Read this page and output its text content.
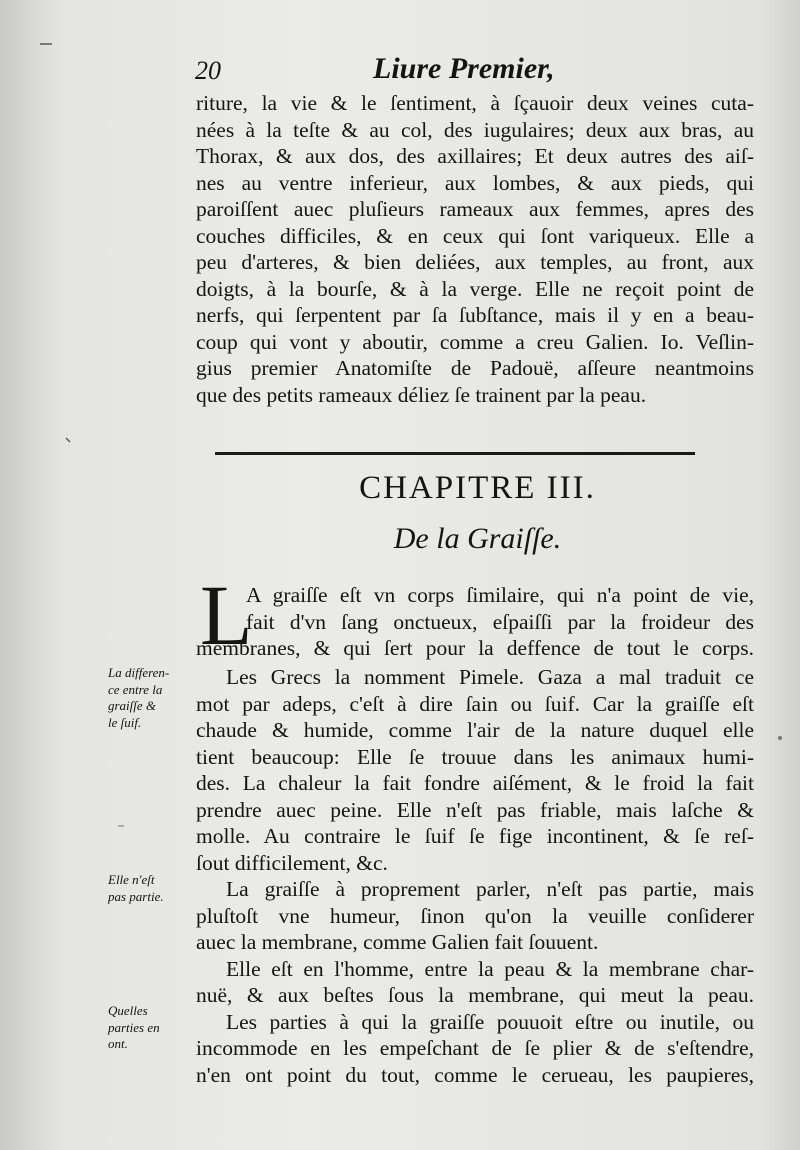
20	Liure Premier,
riture, la vie & le ſentiment, à ſçauoir deux veines cuta-
nées à la teſte & au col, des iugulaires; deux aux bras, au
Thorax, & aux dos, des axillaires; Et deux autres des aiſ-
nes au ventre inferieur, aux lombes, & aux pieds, qui
paroiſſent auec pluſieurs rameaux aux femmes, apres des
couches difficiles, & en ceux qui ſont variqueux. Elle a
peu d'arteres, & bien deliées, aux temples, au front, aux
doigts, à la bourſe, & à la verge. Elle ne reçoit point de
nerfs, qui ſerpentent par ſa ſubſtance, mais il y en a beau-
coup qui vont y aboutir, comme a creu Galien. Io. Veſlin-
gius premier Anatomiſte de Padouë, aſſeure neantmoins
que des petits rameaux déliez ſe trainent par la peau.
CHAPITRE III.
De la Graiſſe.
L
A graiſſe eſt vn corps ſimilaire, qui n'a point de vie,
fait d'vn ſang onctueux, eſpaiſſi par la froideur des
membranes, & qui ſert pour la deffence de tout le corps.
Les Grecs la nomment Pimele. Gaza a mal traduit ce
mot par adeps, c'eſt à dire ſain ou ſuif. Car la graiſſe eſt
chaude & humide, comme l'air de la nature duquel elle
tient beaucoup: Elle ſe trouue dans les animaux humi-
des. La chaleur la fait fondre aiſément, & le froid la fait
prendre auec peine. Elle n'eſt pas friable, mais laſche &
molle. Au contraire le ſuif ſe fige incontinent, & ſe reſ-
ſout difficilement, &c.
La graiſſe à proprement parler, n'eſt pas partie, mais
pluſtoſt vne humeur, ſinon qu'on la veuille conſiderer
auec la membrane, comme Galien fait ſouuent.
Elle eſt en l'homme, entre la peau & la membrane char-
nuë, & aux beſtes ſous la membrane, qui meut la peau.
Les parties à qui la graiſſe pouuoit eſtre ou inutile, ou
incommode en les empeſchant de ſe plier & de s'eſtendre,
n'en ont point du tout, comme le cerueau, les paupieres,
La differen-
ce entre la
graiſſe &
le ſuif.
Elle n'eſt
pas partie.
Quelles
parties en
ont.
